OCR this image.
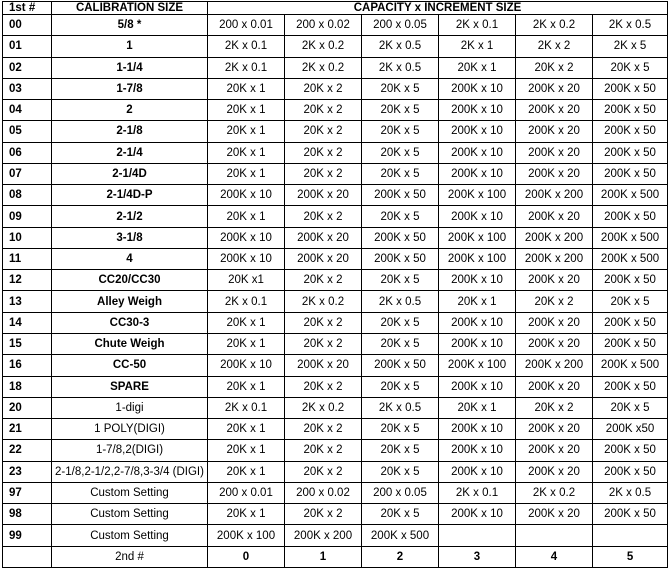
1st #	CALIBRATION SIZE	CAPACITY x INCREMENT SIZE					
00	5/8 *	200 x 0.01	200 x 0.02	200 x 0.05	2K x 0.1	2K x 0.2	2K x 0.5
01	1	2K x 0.1	2K x 0.2	2K x 0.5	2K x 1	2K x 2	2K x 5
02	1-1/4	2K x 0.1	2K x 0.2	2K x 0.5	20K x 1	20K x 2	20K x 5
03	1-7/8	20K x 1	20K x 2	20K x 5	200K x 10	200K x 20	200K x 50
04	2	20K x 1	20K x 2	20K x 5	200K x 10	200K x 20	200K x 50
05	2-1/8	20K x 1	20K x 2	20K x 5	200K x 10	200K x 20	200K x 50
06	2-1/4	20K x 1	20K x 2	20K x 5	200K x 10	200K x 20	200K x 50
07	2-1/4D	20K x 1	20K x 2	20K x 5	200K x 10	200K x 20	200K x 50
08	2-1/4D-P	200K x 10	200K x 20	200K x 50	200K x 100	200K x 200	200K x 500
09	2-1/2	20K x 1	20K x 2	20K x 5	200K x 10	200K x 20	200K x 50
10	3-1/8	200K x 10	200K x 20	200K x 50	200K x 100	200K x 200	200K x 500
11	4	200K x 10	200K x 20	200K x 50	200K x 100	200K x 200	200K x 500
12	CC20/CC30	20K x1	20K x 2	20K x 5	200K x 10	200K x 20	200K x 50
13	Alley Weigh	2K x 0.1	2K x 0.2	2K x 0.5	20K x 1	20K x 2	20K x 5
14	CC30-3	20K x 1	20K x 2	20K x 5	200K x 10	200K x 20	200K x 50
15	Chute Weigh	20K x 1	20K x 2	20K x 5	200K x 10	200K x 20	200K x 50
16	CC-50	200K x 10	200K x 20	200K x 50	200K x 100	200K x 200	200K x 500
18	SPARE	20K x 1	20K x 2	20K x 5	200K x 10	200K x 20	200K x 50
20	1-digi	2K x 0.1	2K x 0.2	2K x 0.5	20K x 1	20K x 2	20K x 5
21	1 POLY(DIGI)	20K x 1	20K x 2	20K x 5	200K x 10	200K x 20	200K x50
22	1-7/8,2(DIGI)	20K x 1	20K x 2	20K x 5	200K x 10	200K x 20	200K x 50
23	2-1/8,2-1/2,2-7/8,3-3/4 (DIGI)	20K x 1	20K x 2	20K x 5	200K x 10	200K x 20	200K x 50
97	Custom Setting	200 x 0.01	200 x 0.02	200 x 0.05	2K x 0.1	2K x 0.2	2K x 0.5
98	Custom Setting	20K x 1	20K x 2	20K x 5	200K x 10	200K x 20	200K x 50
99	Custom Setting	200K x 100	200K x 200	200K x 500			
	2nd #	0	1	2	3	4	5
